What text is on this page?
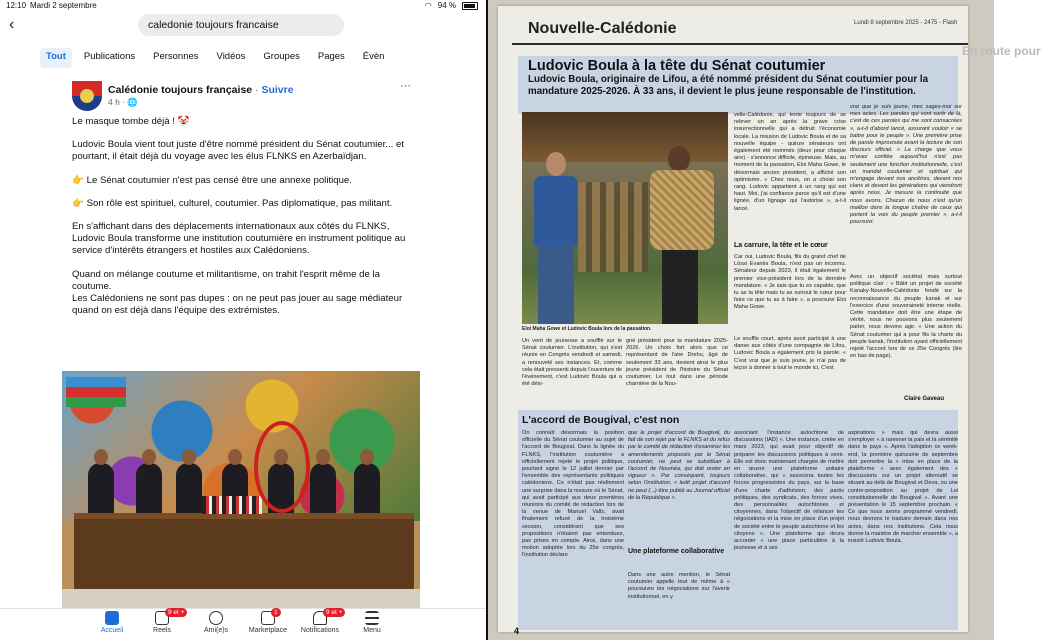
12:10 Mardi 2 septembre	◠ 94 %
‹	caledonie toujours francaise
Tout	Publications	Personnes	Vidéos	Groupes	Pages	Évèn
Calédonie toujours française · Suivre
4 h · 🌐
···

Le masque tombe déjà ! 🤡

Ludovic Boula vient tout juste d'être nommé président du Sénat coutumier... et pourtant, il était déjà du voyage avec les élus FLNKS en Azerbaïdjan.

👉 Le Sénat coutumier n'est pas censé être une annexe politique.

👉 Son rôle est spirituel, culturel, coutumier. Pas diplomatique, pas militant.

En s'affichant dans des déplacements internationaux aux côtés du FLNKS, Ludovic Boula transforme une institution coutumière en instrument politique au service d'intérêts étrangers et hostiles aux Calédoniens.

Quand on mélange coutume et militantisme, on trahit l'esprit même de la coutume.

Les Calédoniens ne sont pas dupes : on ne peut pas jouer au sage médiateur quand on est déjà dans l'équipe des extrémistes.

Accueil
9 et +
Reels	Ami(e)s
1
Marketplace
9 et +
Notifications	Menu
Nouvelle-Calédonie	Lundi 8 septembre 2025 - 2475 - Flash
Ludovic Boula à la tête du Sénat coutumier
Ludovic Boula, originaire de Lifou, a été nommé président du Sénat coutumier pour la mandature 2025-2026. À 33 ans, il devient le plus jeune responsable de l'institution.
Eloi Maha Gowe et Ludovic Boula lors de la passation.
velle-Calédonie, qui tente toujours de se relever un an après la grave crise insurrectionnelle qui a détruit l'économie locale. La mission de Ludovic Boula et de sa nouvelle équipe - quinze sénateurs ont également été nommés (deux pour chaque aire) - s'annonce difficile, épineuse. Mais, au moment de la passation, Eloi Maha Gowe, le désormais ancien président, a affiché son optimisme. « Chez nous, on a choisi son rang. Ludovic appartient à un rang qui est haut. Moi, j'ai confiance parce qu'il est d'une lignée, d'un lignage qui l'autorise », a-t-il lancé.
La carrure, la tête et le cœur
Car oui, Ludovic Boula, fils du grand chef de Lössi Evanès Boula, n'est pas un inconnu. Sénateur depuis 2023, il était également le premier vice-président lors de la dernière mandature. « Je sais que tu es capable, que tu as la tête mais tu as surtout le cœur pour faire ce que tu as à faire », a poursuivi Eloi Maha Gowe.
Le souffle court, après avoir participé à une danse aux côtés d'une compagnie de Lifou, Ludovic Boula a également pris la parole. « C'est vrai que je suis jeune, je n'ai pas de leçon à donner à tout le monde ici. C'est
vrai que je suis jeune, mes sages-moi sur mes actes. Les paroles qui vont sortir de là, c'est de ces paroles qui me sont consacrées », a-t-il d'abord lancé, assurant vouloir « se battre pour le peuple ». Une première prise de parole improvisée avant la lecture de son discours officiel. « La charge que vous m'avez confiée aujourd'hui n'est pas seulement une fonction institutionnelle, c'est un mandat coutumier et spirituel qui m'engage devant nos ancêtres, devant nos clans et devant les générations qui viendront après nous. Je mesure la continuité que nous avons. Chacun de nous n'est qu'un maillon dans la longue chaîne de ceux qui portent la voix du peuple premier », a-t-il poursuivi.
Avec un objectif sociétal mais surtout politique clair : « Bâtir un projet de société Kanaky-Nouvelle-Calédonie fondé sur la reconnaissance du peuple kanak et sur l'exercice d'une souveraineté interne réelle. Cette mandature doit être une étape de vérité, nous ne pouvons plus seulement parler, nous devons agir. » Une action du Sénat coutumier qui a pour fils la charte du peuple kanak, l'institution ayant officiellement rejeté l'accord lors de ce 25e Congrès (lire en bas de page).
Claire Gaveau
Un vent de jeunesse a soufflé sur le Sénat coutumier. L'institution, qui s'est réunie en Congrès vendredi et samedi, a renouvelé ses instances. Et, comme cela était pressenti depuis l'ouverture de l'événement, c'est Ludovic Boula qui a été dési-
gné président pour la mandature 2025-2026. Un choix fort alors que ce représentant de l'aire Drehu, âgé de seulement 33 ans, devient ainsi le plus jeune président de l'histoire du Sénat coutumier. Le tout dans une période charnière de la Nou-
L'accord de Bougival, c'est non
On connaît désormais la position officielle du Sénat coutumier au sujet de l'accord de Bougival. Dans la lignée du FLNKS, l'institution coutumière a officiellement rejeté le projet politique, pourtant signé le 12 juillet dernier par l'ensemble des représentants politiques calédoniens. Ce n'était pas réellement une surprise dans la mesure où le Sénat, qui avait participé aux deux premières réunions du comité de rédaction lors de la venue de Manuel Valls, avait finalement refusé de la troisième session, considérant que ses propositions n'étaient pas entendues, pas prises en compte. Ainsi, dans une motion adoptée lors du 25e congrès, l'institution déclare
que le projet d'accord de Bougival, du fait de son rejet par le FLNKS et du refus par le comité de rédaction d'examiner les amendements proposés par le Sénat coutumier, ne peut se substituer à l'accord de Nouméa, qui doit rester en vigueur ». Par conséquent, toujours selon l'institution, « ledit projet d'accord ne peut (...) être publié au Journal officiel de la République ».
Une plateforme collaborative
Dans une autre mention, le Sénat coutumier appelle tout de même à « poursuivre les négociations sur l'avenir institutionnel, en y
associant l'instance autochtone de discussions (IAD) ». Une instance, créée en mars 2023, qui avait pour objectif de préparer les discussions politiques à venir. Elle est donc maintenant chargée de mettre en œuvre une plateforme unitaire collaborative, qui « associera toutes les forces progressistes du pays, sur la base d'une charte d'adhésion, des partis politiques, des syndicats, des forces vives, des personnalités autochtones et citoyennes, dans l'objectif de relancer les négociations et la mise en place d'un projet de société entre le peuple autochtone et les citoyens ». Une plateforme qui devra accorder « une place particulière à la jeunesse et à ses
aspirations » mais qui devra aussi s'employer « à ramener la paix et la sérénité dans le pays ». Après l'adoption ce week-end, la première quinzaine de septembre doit permettre la « mise en place de la plateforme » avec également des « discussions sur un projet alternatif se situant au-delà de Bougival et Deva, ou une contre-proposition au projet de Loi constitutionnelle de Bougival ». Avant une présentation le 15 septembre prochain. « Ce que nous avons programmé vendredi, nous devrons le traduire demain dans nos actes, dans nos institutions. Cela nous donne la manière de marcher ensemble », a insisté Ludovic Boula.
4
En route pour
